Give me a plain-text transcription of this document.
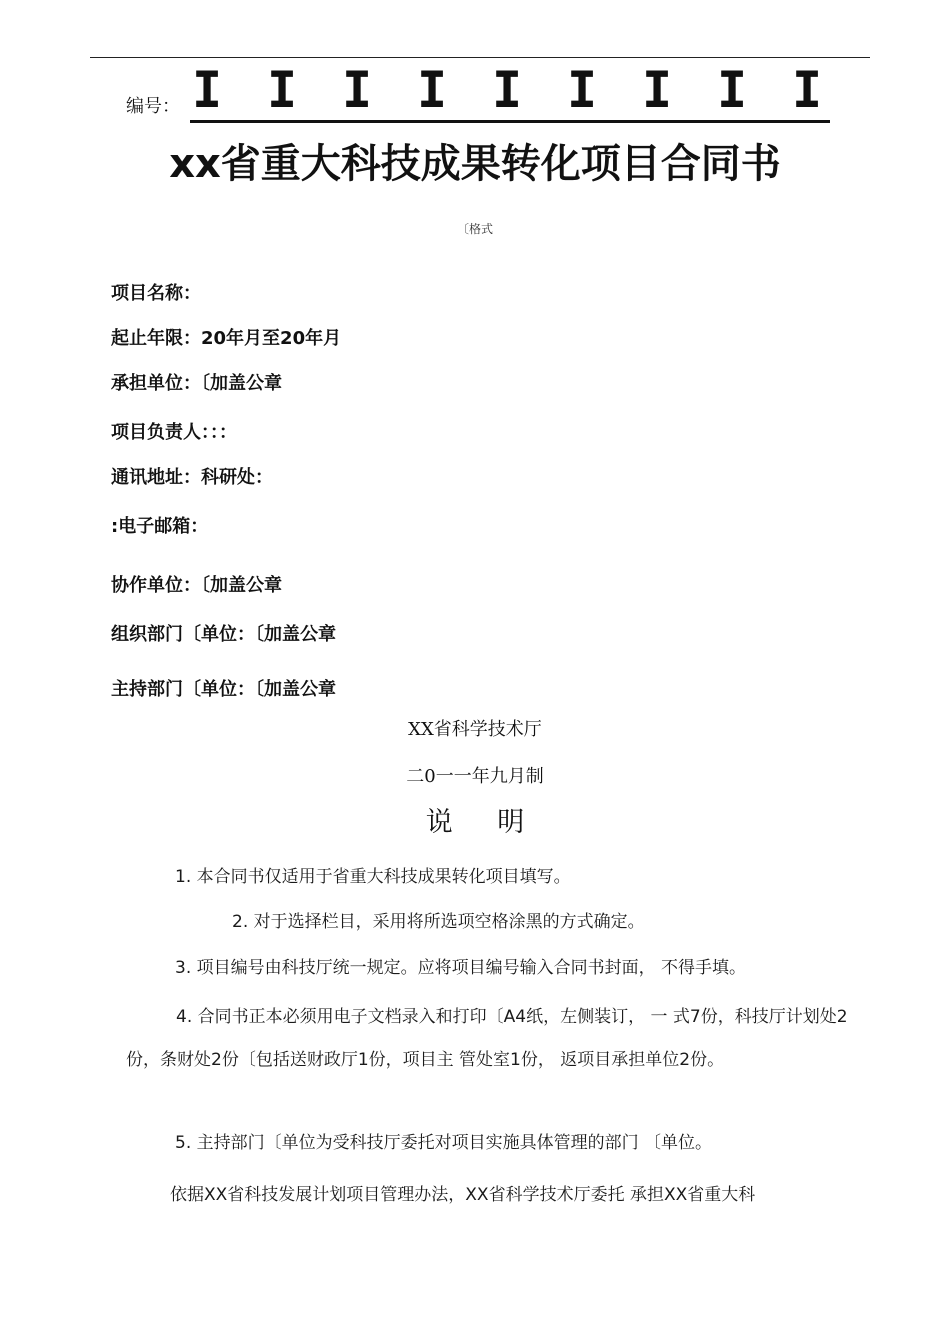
编号： I I I I I I I I I
xx省重大科技成果转化项目合同书
〔格式
项目名称：
起止年限：20年月至20年月
承担单位：〔加盖公章
项目负责人：：：
通讯地址：科研处：
:电子邮箱：
协作单位：〔加盖公章
组织部门〔单位：〔加盖公章
主持部门〔单位：〔加盖公章
XX省科学技术厅
二0一一年九月制
说 明

1. 本合同书仅适用于省重大科技成果转化项目填写。

2. 对于选择栏目，采用将所选项空格涂黑的方式确定。

3. 项目编号由科技厅统一规定。应将项目编号输入合同书封面， 不得手填。

4. 合同书正本必须用电子文档录入和打印〔A4纸，左侧装订， 一 式7份，科技厅计划处2份，条财处2份〔包括送财政厅1份，项目主 管处室1份， 返项目承担单位2份。

5. 主持部门〔单位为受科技厅委托对项目实施具体管理的部门 〔单位。

依据XX省科技发展计划项目管理办法，XX省科学技术厅委托 承担XX省重大科
